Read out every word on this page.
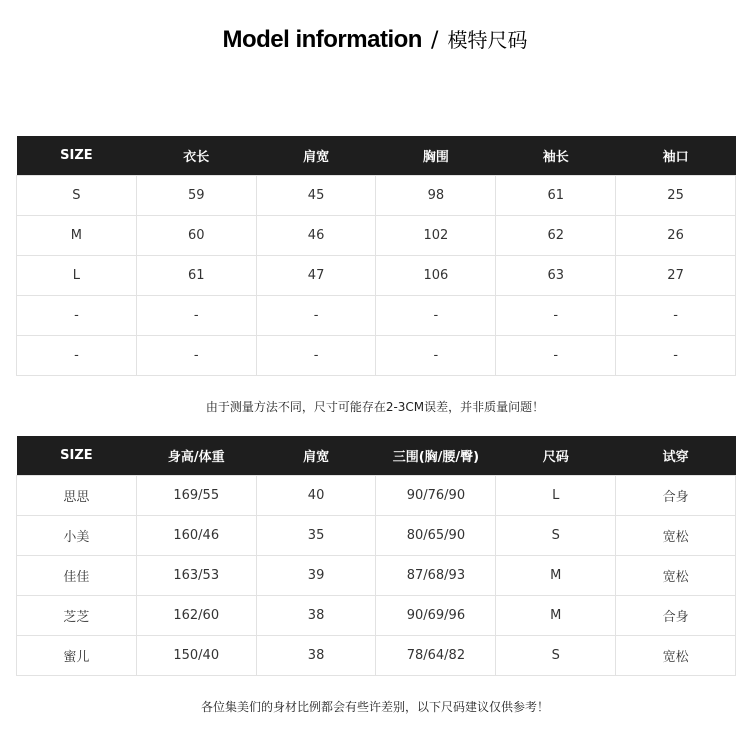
Model information / 模特尺码
SIZE	衣长	肩宽	胸围	袖长	袖口
S	59	45	98	61	25
M	60	46	102	62	26
L	61	47	106	63	27
-	-	-	-	-	-
-	-	-	-	-	-
由于测量方法不同，尺寸可能存在2-3CM误差，并非质量问题！
SIZE	身高/体重	肩宽	三围(胸/腰/臀)	尺码	试穿
思思	169/55	40	90/76/90	L	合身
小美	160/46	35	80/65/90	S	宽松
佳佳	163/53	39	87/68/93	M	宽松
芝芝	162/60	38	90/69/96	M	合身
蜜儿	150/40	38	78/64/82	S	宽松
各位集美们的身材比例都会有些许差别，以下尺码建议仅供参考！
